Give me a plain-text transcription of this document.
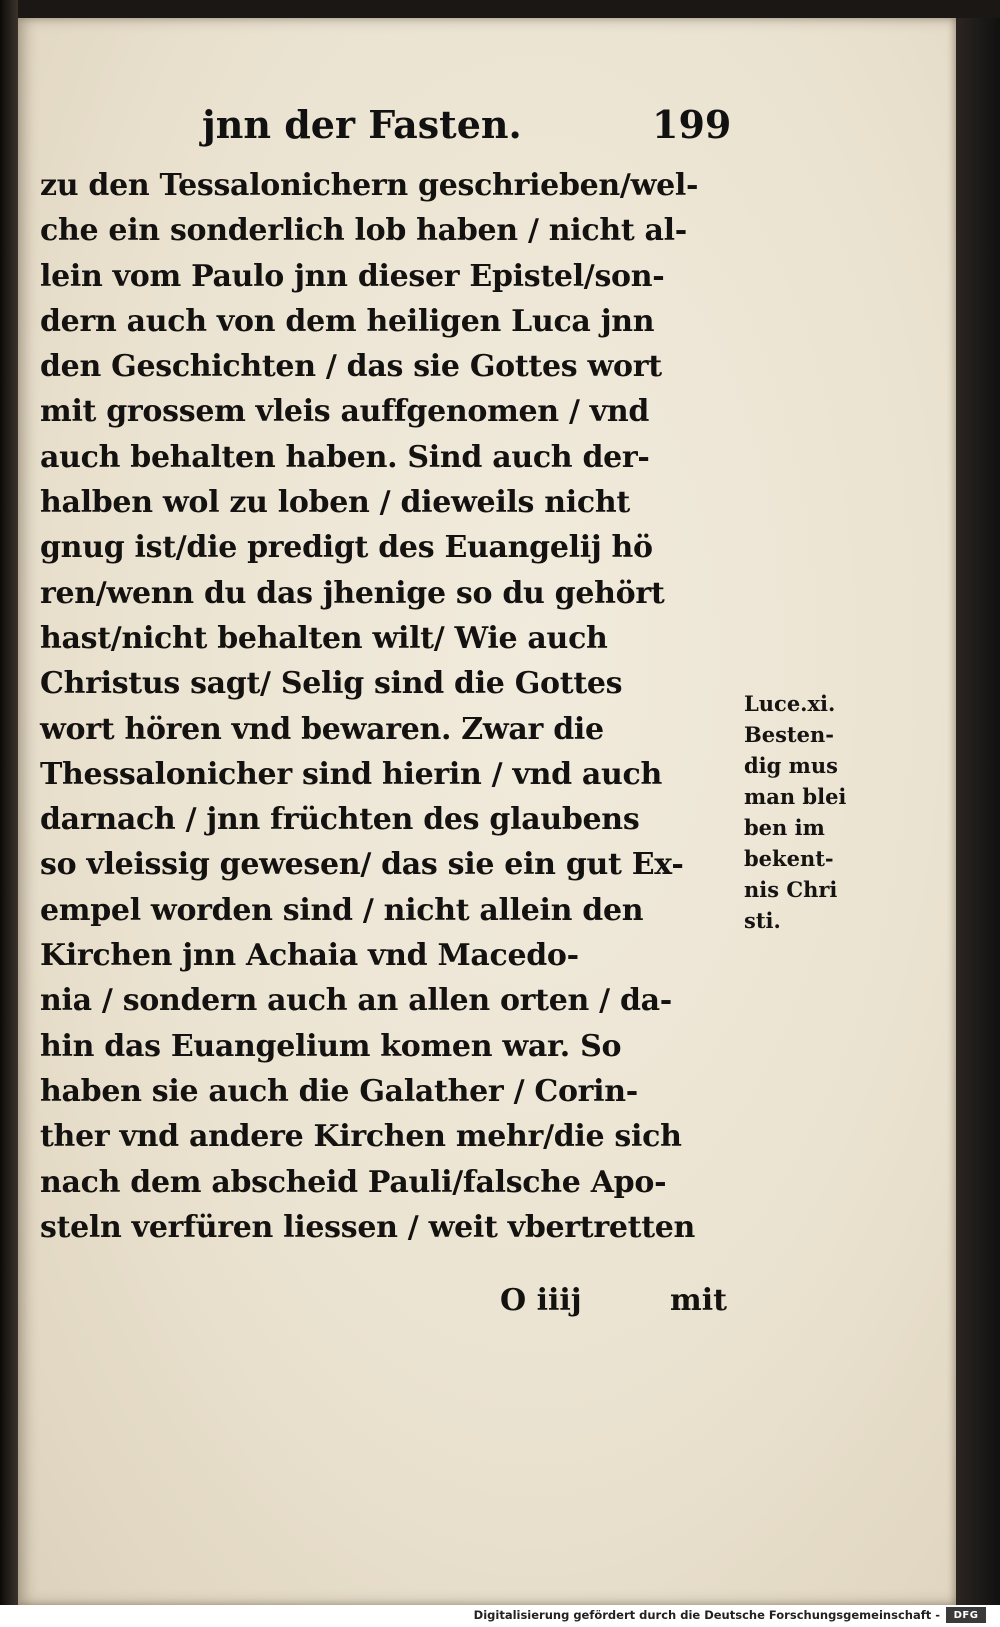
jnn der Fasten.	199
zu den Tessalonichern geschrieben/wel-
che ein sonderlich lob haben / nicht al-
lein vom Paulo jnn dieser Epistel/son-
dern auch von dem heiligen Luca jnn
den Geschichten / das sie Gottes wort
mit grossem vleis auffgenomen / vnd
auch behalten haben. Sind auch der-
halben wol zu loben / dieweils nicht
gnug ist/die predigt des Euangelij hö
ren/wenn du das jhenige so du gehört
hast/nicht behalten wilt/ Wie auch
Christus sagt/ Selig sind die Gottes
wort hören vnd bewaren. Zwar die
Thessalonicher sind hierin / vnd auch
darnach / jnn früchten des glaubens
so vleissig gewesen/ das sie ein gut Ex-
empel worden sind / nicht allein den
Kirchen jnn Achaia vnd Macedo-
nia / sondern auch an allen orten / da-
hin das Euangelium komen war. So
haben sie auch die Galather / Corin-
ther vnd andere Kirchen mehr/die sich
nach dem abscheid Pauli/falsche Apo-
steln verfüren liessen / weit vbertretten
Luce.xi.
Besten-
dig mus
man blei
ben im
bekent-
nis Chri
sti.
O iiij	mit
Digitalisierung gefördert durch die Deutsche Forschungsgemeinschaft -	DFG
